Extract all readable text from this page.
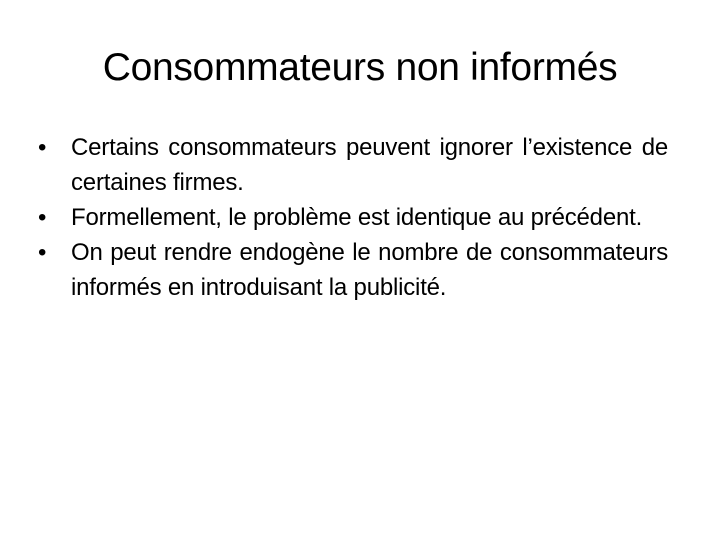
Consommateurs non informés
•	Certains consommateurs peuvent ignorer l’existence de certaines firmes.
•	Formellement, le problème est identique au précédent.
•	On peut rendre endogène le nombre de consommateurs informés en introduisant la publicité.
